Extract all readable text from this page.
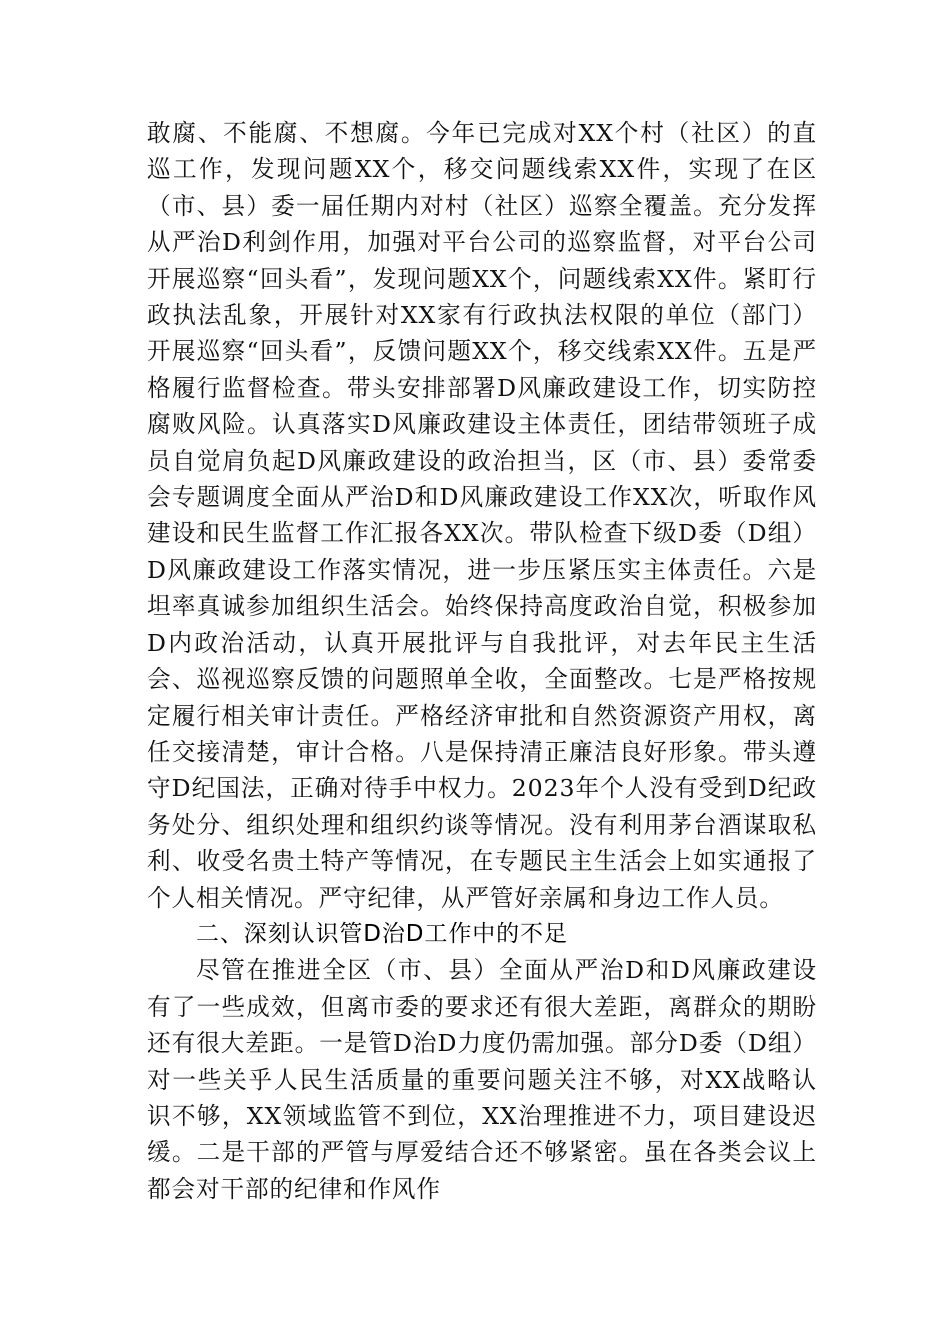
敢腐、不能腐、不想腐。今年已完成对XX个村（社区）的直巡工作，发现问题XX个，移交问题线索XX件，实现了在区（市、县）委一届任期内对村（社区）巡察全覆盖。充分发挥从严治D利剑作用，加强对平台公司的巡察监督，对平台公司开展巡察“回头看”，发现问题XX个，问题线索XX件。紧盯行政执法乱象，开展针对XX家有行政执法权限的单位（部门）开展巡察“回头看”，反馈问题XX个，移交线索XX件。五是严格履行监督检查。带头安排部署D风廉政建设工作，切实防控腐败风险。认真落实D风廉政建设主体责任，团结带领班子成员自觉肩负起D风廉政建设的政治担当，区（市、县）委常委会专题调度全面从严治D和D风廉政建设工作XX次，听取作风建设和民生监督工作汇报各XX次。带队检查下级D委（D组）D风廉政建设工作落实情况，进一步压紧压实主体责任。六是坦率真诚参加组织生活会。始终保持高度政治自觉，积极参加D内政治活动，认真开展批评与自我批评，对去年民主生活会、巡视巡察反馈的问题照单全收，全面整改。七是严格按规定履行相关审计责任。严格经济审批和自然资源资产用权，离任交接清楚，审计合格。八是保持清正廉洁良好形象。带头遵守D纪国法，正确对待手中权力。2023年个人没有受到D纪政务处分、组织处理和组织约谈等情况。没有利用茅台酒谋取私利、收受名贵土特产等情况，在专题民主生活会上如实通报了个人相关情况。严守纪律，从严管好亲属和身边工作人员。

二、深刻认识管D治D工作中的不足

尽管在推进全区（市、县）全面从严治D和D风廉政建设有了一些成效，但离市委的要求还有很大差距，离群众的期盼还有很大差距。一是管D治D力度仍需加强。部分D委（D组）对一些关乎人民生活质量的重要问题关注不够，对XX战略认识不够，XX领域监管不到位，XX治理推进不力，项目建设迟缓。二是干部的严管与厚爱结合还不够紧密。虽在各类会议上都会对干部的纪律和作风作
